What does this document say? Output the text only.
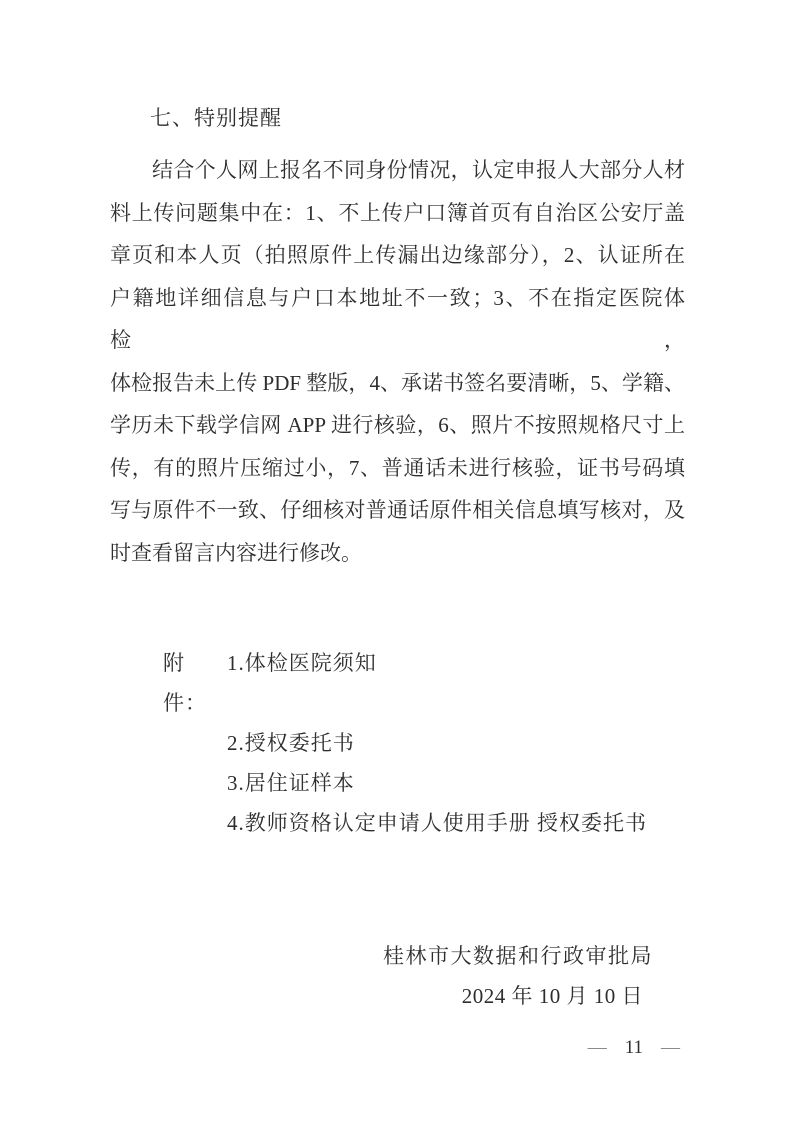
七、特别提醒
结合个人网上报名不同身份情况，认定申报人大部分人材
料上传问题集中在：1、不上传户口簿首页有自治区公安厅盖
章页和本人页（拍照原件上传漏出边缘部分），2、认证所在
户籍地详细信息与户口本地址不一致；3、不在指定医院体检，
体检报告未上传 PDF 整版，4、承诺书签名要清晰，5、学籍、
学历未下载学信网 APP 进行核验，6、照片不按照规格尺寸上
传，有的照片压缩过小，7、普通话未进行核验，证书号码填
写与原件不一致、仔细核对普通话原件相关信息填写核对，及
时查看留言内容进行修改。
附件：
1.体检医院须知
2.授权委托书
3.居住证样本
4.教师资格认定申请人使用手册 授权委托书
桂林市大数据和行政审批局
2024 年 10 月 10 日
— 11 —
